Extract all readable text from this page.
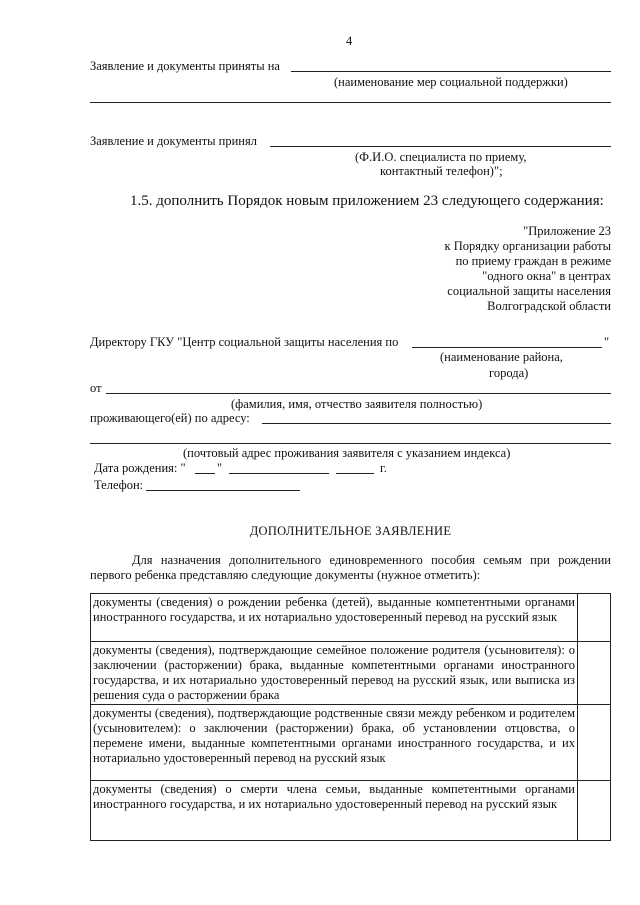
4
Заявление и документы приняты на
(наименование мер социальной поддержки)
Заявление и документы принял
(Ф.И.О. специалиста по приему,
контактный телефон)";
1.5. дополнить Порядок новым приложением 23 следующего содержания:
"Приложение 23
к Порядку организации работы
по приему граждан в режиме
"одного окна" в центрах
социальной защиты населения
Волгоградской области
Директору ГКУ "Центр социальной защиты населения по	"
(наименование района,
города)
от
(фамилия, имя, отчество заявителя полностью)
проживающего(ей) по адресу:
(почтовый адрес проживания заявителя с указанием индекса)
Дата рождения: "	"	г.
Телефон:
ДОПОЛНИТЕЛЬНОЕ ЗАЯВЛЕНИЕ
Для назначения дополнительного единовременного пособия семьям при рождении
первого ребенка представляю следующие документы (нужное отметить):
документы (сведения) о рождении ребенка (детей), выданные компетентными органами иностранного государства, и их нотариально удостоверенный перевод на русский язык	
документы (сведения), подтверждающие семейное положение родителя (усыновителя): о заключении (расторжении) брака, выданные компетентными органами иностранного государства, и их нотариально удостоверенный перевод на русский язык, или выписка из решения суда о расторжении брака	
документы (сведения), подтверждающие родственные связи между ребенком и родителем (усыновителем): о заключении (расторжении) брака, об установлении отцовства, о перемене имени, выданные компетентными органами иностранного государства, и их нотариально удостоверенный перевод на русский язык	
документы (сведения) о смерти члена семьи, выданные компетентными органами иностранного государства, и их нотариально удостоверенный перевод на русский язык	
